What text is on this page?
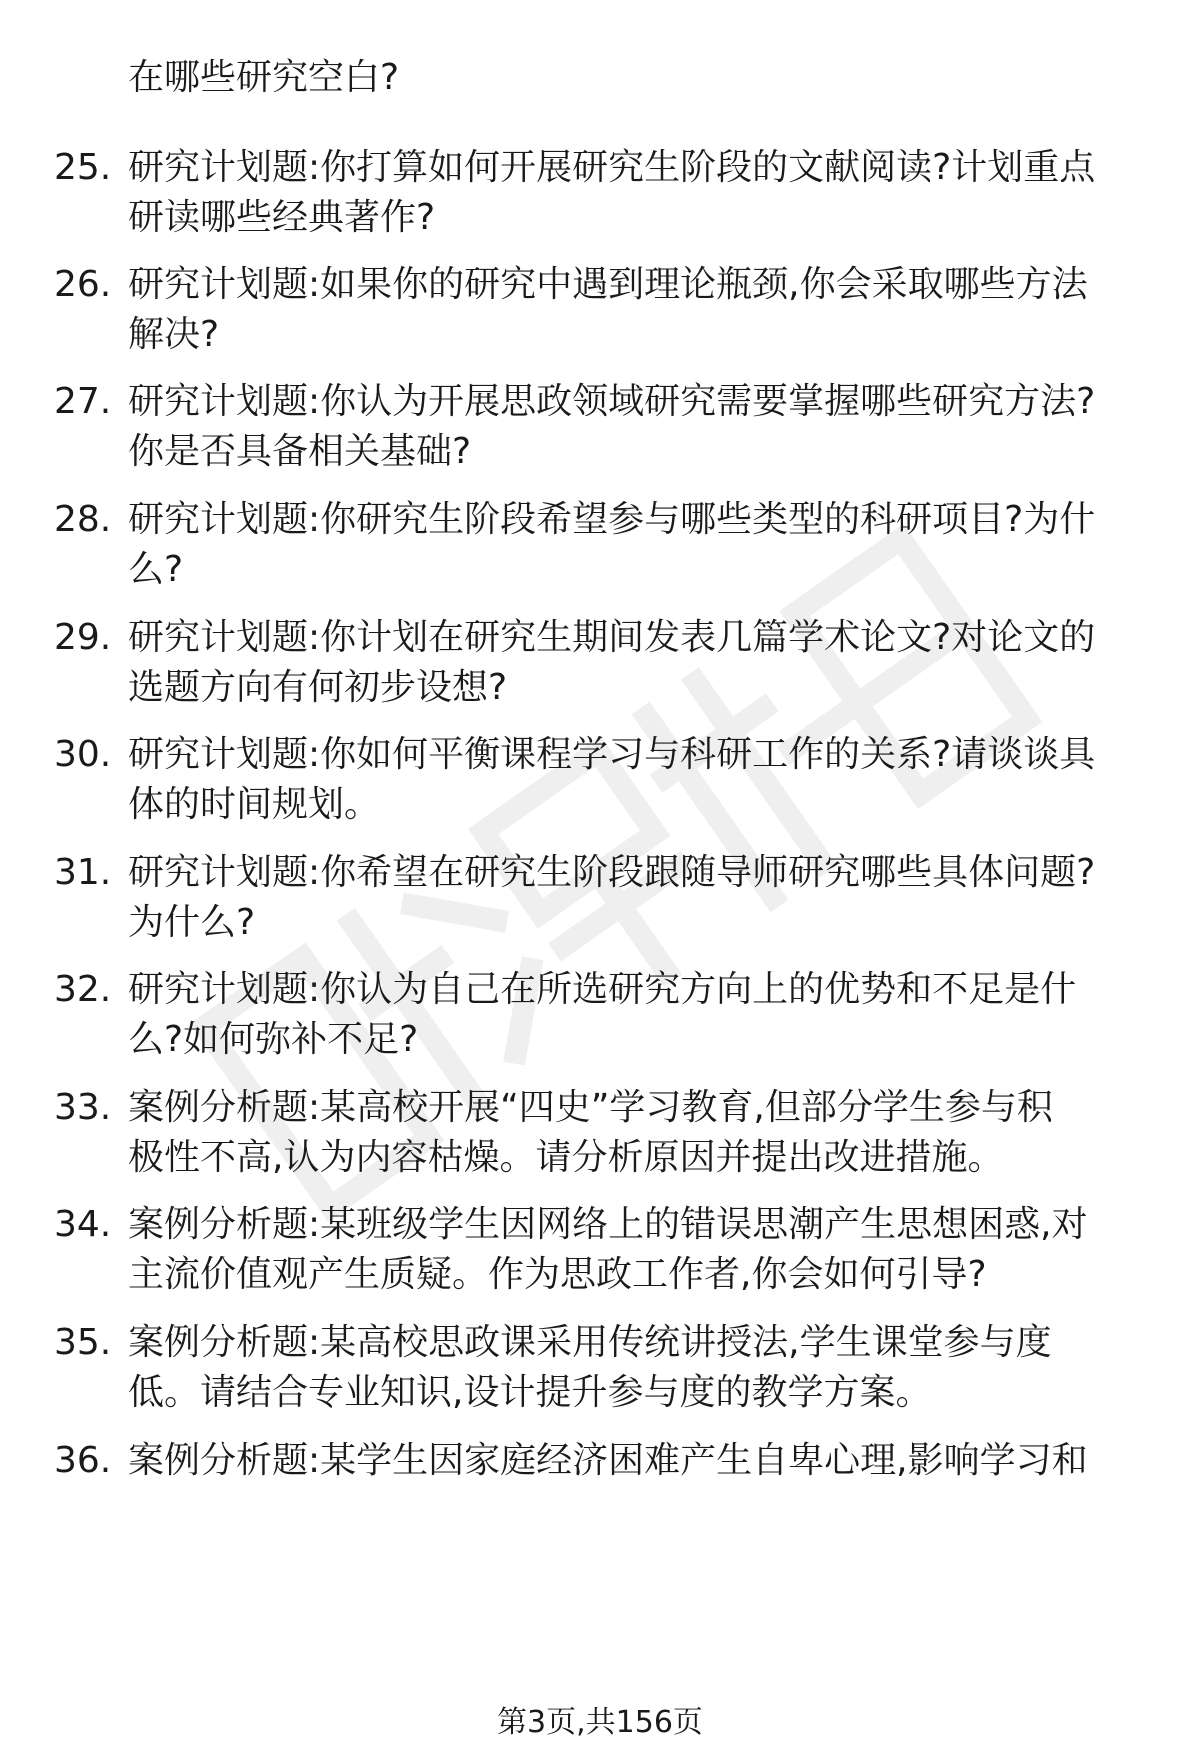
在哪些研究空白?
25. 研究计划题:你打算如何开展研究生阶段的文献阅读?计划重点
研读哪些经典著作?
26. 研究计划题:如果你的研究中遇到理论瓶颈,你会采取哪些方法
解决?
27. 研究计划题:你认为开展思政领域研究需要掌握哪些研究方法?
你是否具备相关基础?
28. 研究计划题:你研究生阶段希望参与哪些类型的科研项目?为什
么?
29. 研究计划题:你计划在研究生期间发表几篇学术论文?对论文的
选题方向有何初步设想?
30. 研究计划题:你如何平衡课程学习与科研工作的关系?请谈谈具
体的时间规划。
31. 研究计划题:你希望在研究生阶段跟随导师研究哪些具体问题?
为什么?
32. 研究计划题:你认为自己在所选研究方向上的优势和不足是什
么?如何弥补不足?
33. 案例分析题:某高校开展“四史”学习教育,但部分学生参与积
极性不高,认为内容枯燥。请分析原因并提出改进措施。
34. 案例分析题:某班级学生因网络上的错误思潮产生思想困惑,对
主流价值观产生质疑。作为思政工作者,你会如何引导?
35. 案例分析题:某高校思政课采用传统讲授法,学生课堂参与度
低。请结合专业知识,设计提升参与度的教学方案。
36. 案例分析题:某学生因家庭经济困难产生自卑心理,影响学习和
第3页,共156页
